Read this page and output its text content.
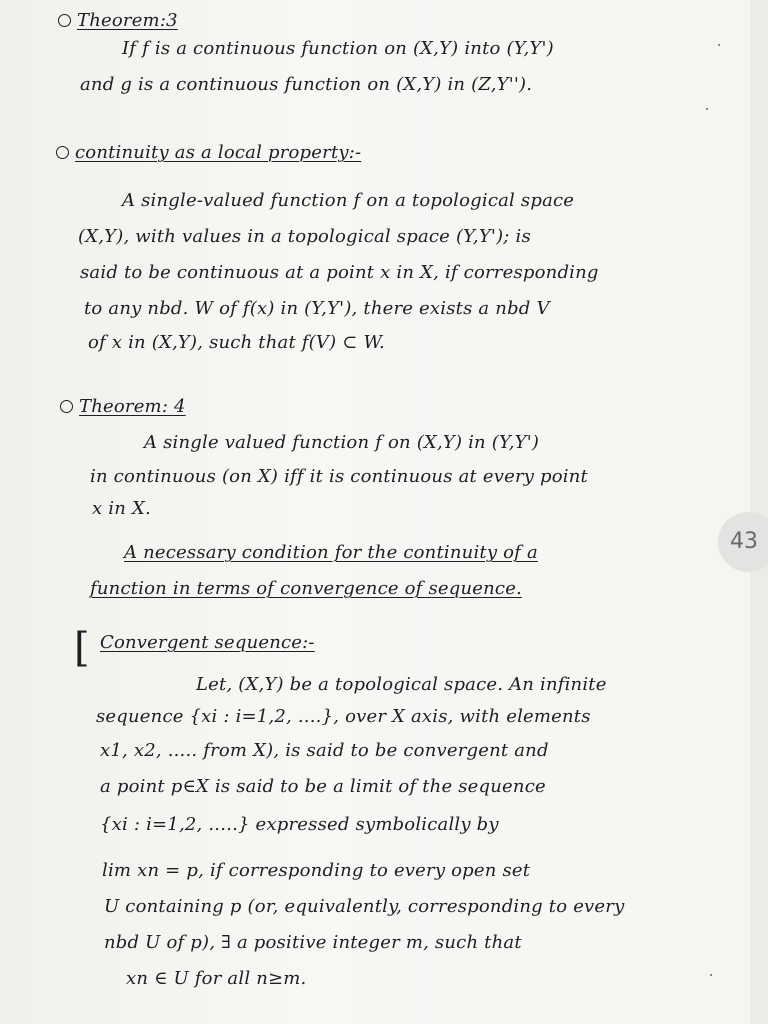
Theorem:3
If f is a continuous function on (X,Υ) into (Y,Υ')
and g is a continuous function on (X,Υ) in (Z,Υ'').
continuity as a local property:-
A single-valued function f on a topological space
(X,Υ), with values in a topological space (Y,Υ'); is
said to be continuous at a point x in X, if corresponding
to any nbd. W of f(x) in (Y,Υ'), there exists a nbd V
of x in (X,Υ), such that f(V) ⊂ W.
Theorem: 4
A single valued function f on (X,Υ) in (Y,Υ')
in continuous (on X) iff it is continuous at every point
x in X.
A necessary condition for the continuity of a
function in terms of convergence of sequence.
[ Convergent sequence:-
Let, (X,Υ) be a topological space. An infinite
sequence {xi : i=1,2, ....}, over X axis, with elements
x1, x2, ..... from X), is said to be convergent and
a point p∈X is said to be a limit of the sequence
{xi : i=1,2, .....} expressed symbolically by
lim xn = p, if corresponding to every open set
U containing p (or, equivalently, corresponding to every
nbd U of p), ∃ a positive integer m, such that
xn ∈ U for all n≥m.
43
